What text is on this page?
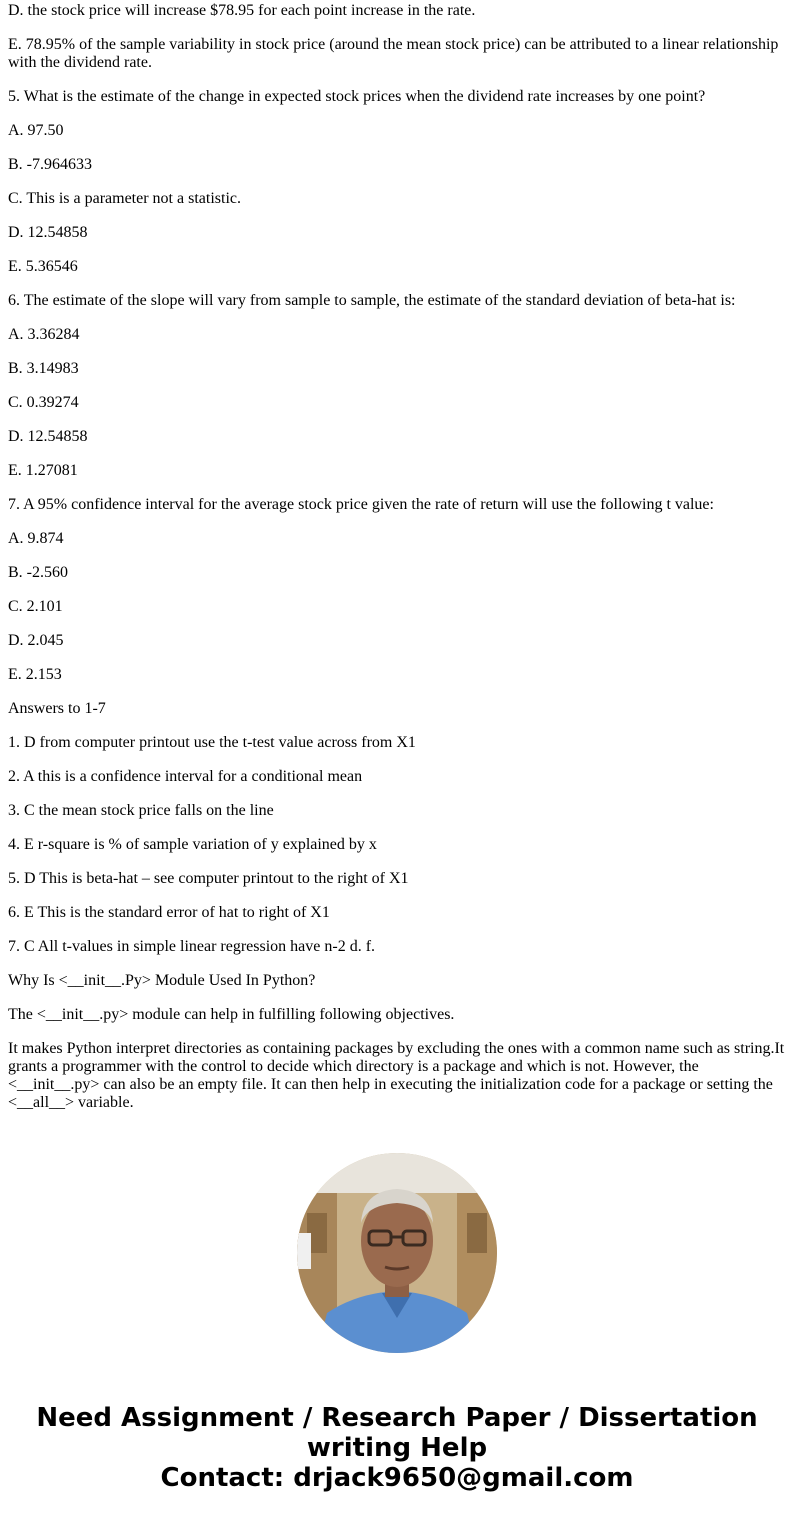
D. the stock price will increase $78.95 for each point increase in the rate.

E. 78.95% of the sample variability in stock price (around the mean stock price) can be attributed to a linear relationship with the dividend rate.

5. What is the estimate of the change in expected stock prices when the dividend rate increases by one point?

A. 97.50

B. -7.964633

C. This is a parameter not a statistic.

D. 12.54858

E. 5.36546

6. The estimate of the slope will vary from sample to sample, the estimate of the standard deviation of beta-hat is:

A. 3.36284

B. 3.14983

C. 0.39274

D. 12.54858

E. 1.27081

7. A 95% confidence interval for the average stock price given the rate of return will use the following t value:

A. 9.874

B. -2.560

C. 2.101

D. 2.045

E. 2.153

Answers to 1-7

1. D from computer printout use the t-test value across from X1

2. A this is a confidence interval for a conditional mean

3. C the mean stock price falls on the line

4. E r-square is % of sample variation of y explained by x

5. D This is beta-hat – see computer printout to the right of X1

6. E This is the standard error of hat to right of X1

7. C All t-values in simple linear regression have n-2 d. f.

Why Is <__init__.Py> Module Used In Python?

The <__init__.py> module can help in fulfilling following objectives.

It makes Python interpret directories as containing packages by excluding the ones with a common name such as string.It grants a programmer with the control to decide which directory is a package and which is not. However, the <__init__.py> can also be an empty file. It can then help in executing the initialization code for a package or setting the <__all__> variable.

Need Assignment / Research Paper / Dissertation
writing Help
Contact: drjack9650@gmail.com
